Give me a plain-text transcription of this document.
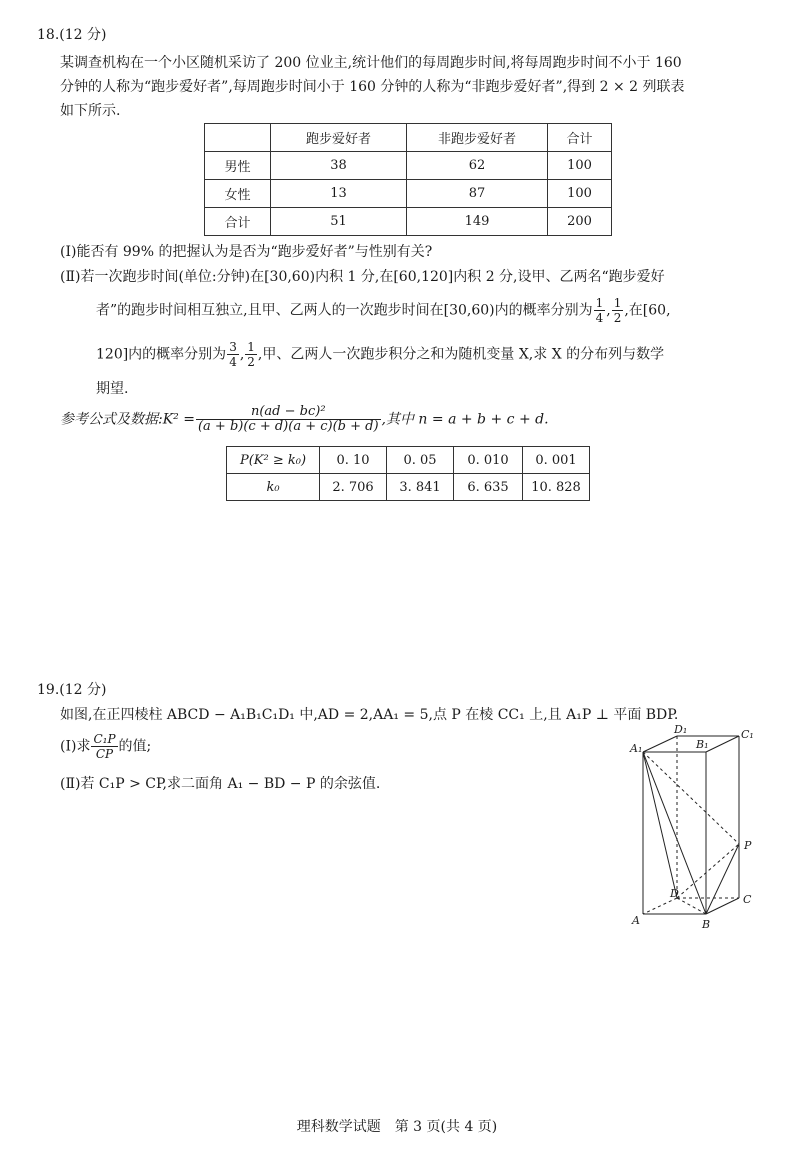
18.(12 分)
某调查机构在一个小区随机采访了 200 位业主,统计他们的每周跑步时间,将每周跑步时间不小于 160
分钟的人称为“跑步爱好者”,每周跑步时间小于 160 分钟的人称为“非跑步爱好者”,得到 2 × 2 列联表
如下所示.
	跑步爱好者	非跑步爱好者	合计
男性	38	62	100
女性	13	87	100
合计	51	149	200
(Ⅰ)能否有 99% 的把握认为是否为“跑步爱好者”与性别有关?
(Ⅱ)若一次跑步时间(单位:分钟)在[30,60)内积 1 分,在[60,120]内积 2 分,设甲、乙两名“跑步爱好
者”的跑步时间相互独立,且甲、乙两人的一次跑步时间在[30,60)内的概率分别为 $\frac{1}{4}$ , $\frac{1}{2}$ ,在[60,
120]内的概率分别为 $\frac{3}{4}$ , $\frac{1}{2}$ ,甲、乙两人一次跑步积分之和为随机变量 X,求 X 的分布列与数学
期望.
参考公式及数据:K² = $\frac{\text{n(ad − bc)²}}{(a + b)(c + d)(a + c)(b + d)}$ ,其中 n = a + b + c + d.
P(K² ≥ k₀)	0. 10	0. 05	0. 010	0. 001
k₀	2. 706	3. 841	6. 635	10. 828
19.(12 分)
如图,在正四棱柱 ABCD − A₁B₁C₁D₁ 中,AD = 2,AA₁ = 5,点 P 在棱 CC₁ 上,且 A₁P ⊥ 平面 BDP.
(Ⅰ)求 $\frac{\text{C₁P}}{CP}$ 的值;
(Ⅱ)若 C₁P > CP,求二面角 A₁ − BD − P 的余弦值.
A₁
D₁
B₁
C₁
P
D	C
A	B
理科数学试题　第 3 页(共 4 页)
